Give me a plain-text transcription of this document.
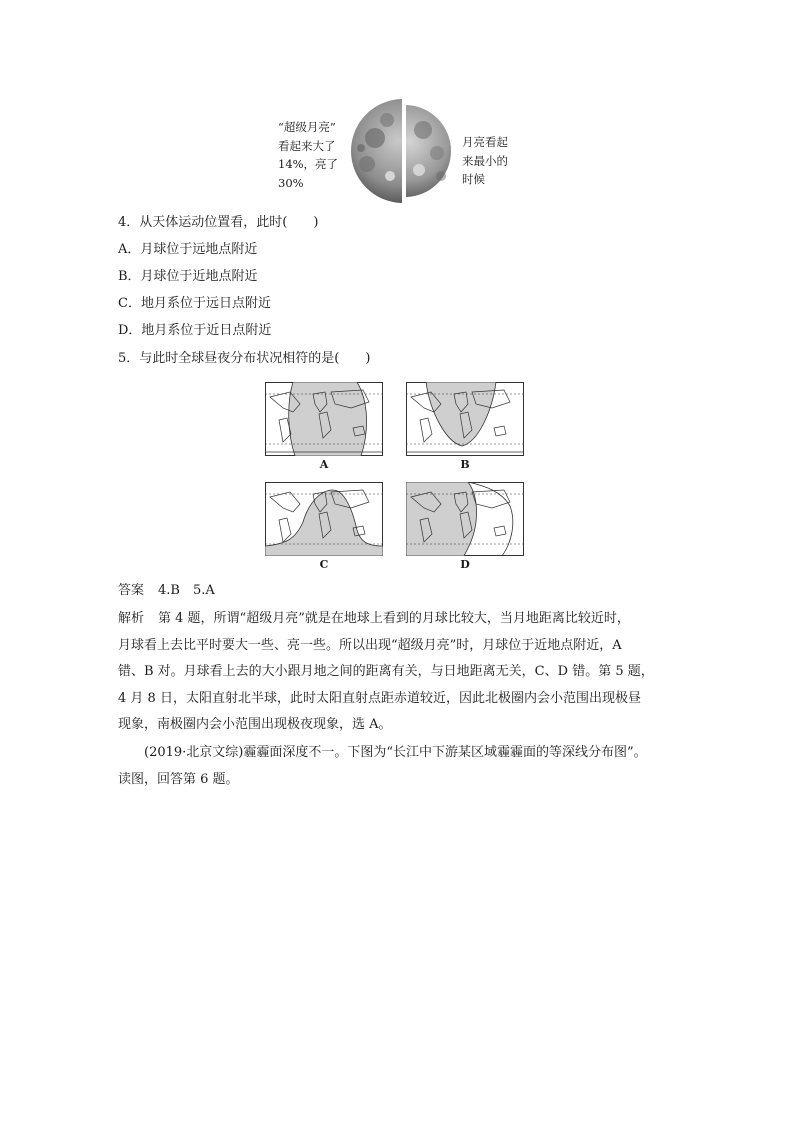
“超级月亮”
看起来大了
14%，亮了
30%
月亮看起
来最小的
时候
4．从天体运动位置看，此时(　　)
A．月球位于远地点附近
B．月球位于近地点附近
C．地月系位于远日点附近
D．地月系位于近日点附近
5．与此时全球昼夜分布状况相符的是(　　)
A	B
C	D
答案 4.B　5.A
解析 第 4 题，所谓“超级月亮”就是在地球上看到的月球比较大，当月地距离比较近时，
月球看上去比平时要大一些、亮一些。所以出现“超级月亮”时，月球位于近地点附近，A
错、B 对。月球看上去的大小跟月地之间的距离有关，与日地距离无关，C、D 错。第 5 题，
4 月 8 日，太阳直射北半球，此时太阳直射点距赤道较近，因此北极圈内会小范围出现极昼
现象，南极圈内会小范围出现极夜现象，选 A。
(2019·北京文综)霾霾面深度不一。下图为“长江中下游某区域霾霾面的等深线分布图”。
读图，回答第 6 题。
